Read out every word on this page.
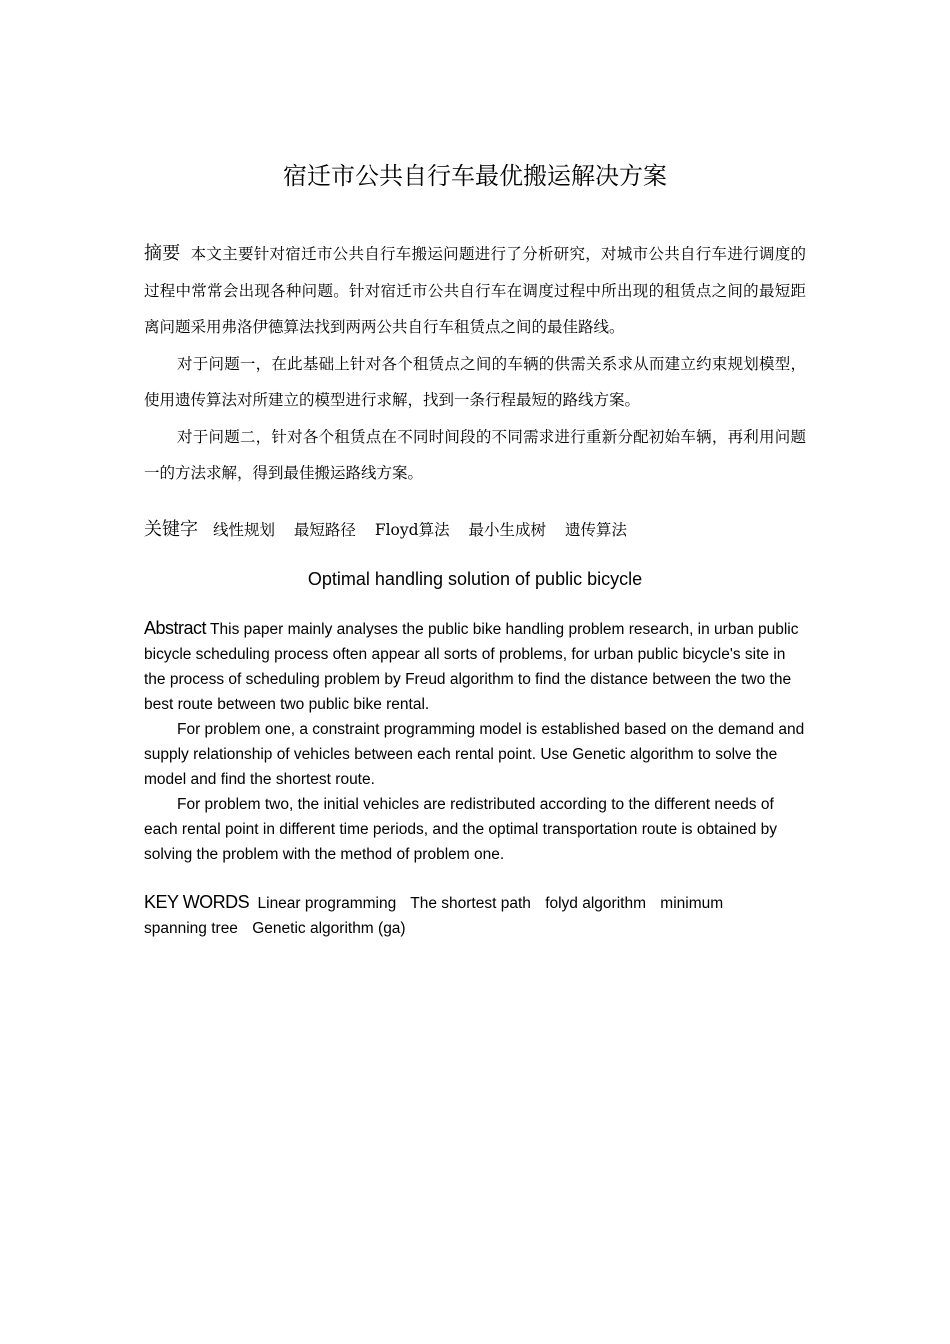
宿迁市公共自行车最优搬运解决方案

摘要 本文主要针对宿迁市公共自行车搬运问题进行了分析研究，对城市公共自行车进行调度的过程中常常会出现各种问题。针对宿迁市公共自行车在调度过程中所出现的租赁点之间的最短距离问题采用弗洛伊德算法找到两两公共自行车租赁点之间的最佳路线。

对于问题一，在此基础上针对各个租赁点之间的车辆的供需关系求从而建立约束规划模型，使用遗传算法对所建立的模型进行求解，找到一条行程最短的路线方案。

对于问题二，针对各个租赁点在不同时间段的不同需求进行重新分配初始车辆，再利用问题一的方法求解，得到最佳搬运路线方案。

关键字 线性规划 最短路径 Floyd算法 最小生成树 遗传算法
Optimal handling solution of public bicycle

Abstract This paper mainly analyses the public bike handling problem research, in urban public bicycle scheduling process often appear all sorts of problems, for urban public bicycle's site in the process of scheduling problem by Freud algorithm to find the distance between the two the best route between two public bike rental.

For problem one, a constraint programming model is established based on the demand and supply relationship of vehicles between each rental point. Use Genetic algorithm to solve the model and find the shortest route.

For problem two, the initial vehicles are redistributed according to the different needs of each rental point in different time periods, and the optimal transportation route is obtained by solving the problem with the method of problem one.

KEY WORDS Linear programming The shortest path folyd algorithm minimum spanning tree Genetic algorithm (ga)
